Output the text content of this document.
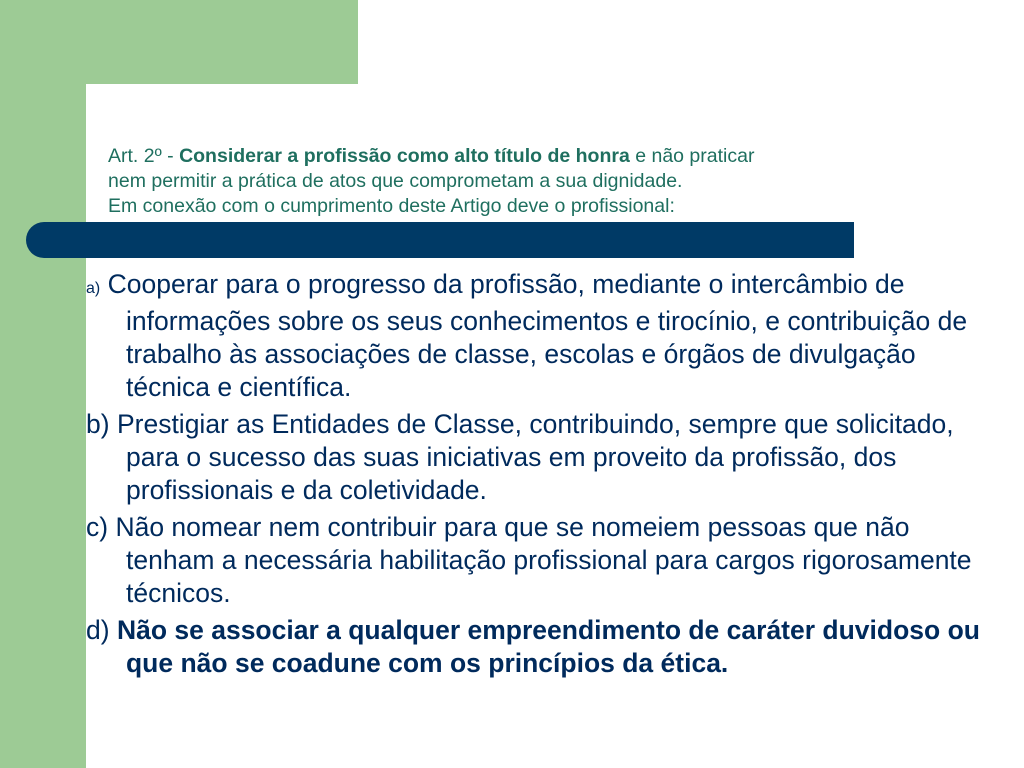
Art. 2º - Considerar a profissão como alto título de honra e não praticar

nem permitir a prática de atos que comprometam a sua dignidade.

Em conexão com o cumprimento deste Artigo deve o profissional:

a) Cooperar para o progresso da profissão, mediante o intercâmbio de informações sobre os seus conhecimentos e tirocínio, e contribuição de trabalho às associações de classe, escolas e órgãos de divulgação técnica e científica.

b) Prestigiar as Entidades de Classe, contribuindo, sempre que solicitado, para o sucesso das suas iniciativas em proveito da profissão, dos profissionais e da coletividade.

c) Não nomear nem contribuir para que se nomeiem pessoas que não tenham a necessária habilitação profissional para cargos rigorosamente técnicos.

d) Não se associar a qualquer empreendimento de caráter duvidoso ou que não se coadune com os princípios da ética.
